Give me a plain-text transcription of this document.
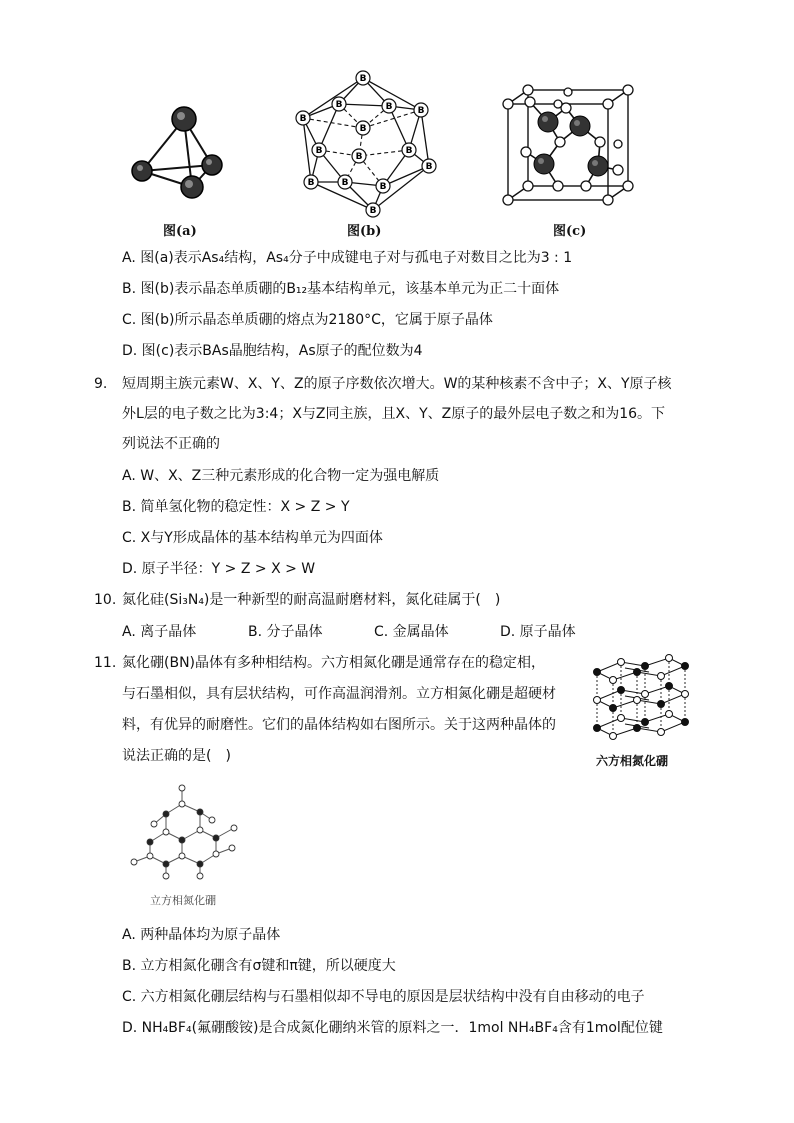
图(a)
B
B	B
B
B
B
B	B
B
B
B
B	B
B
图(b)	图(c)
A. 图(a)表示As₄结构，As₄分子中成键电子对与孤电子对数目之比为3 : 1
B. 图(b)表示晶态单质硼的B₁₂基本结构单元，该基本单元为正二十面体
C. 图(b)所示晶态单质硼的熔点为2180°C，它属于原子晶体
D. 图(c)表示BAs晶胞结构，As原子的配位数为4
9. 短周期主族元素W、X、Y、Z的原子序数依次增大。W的某种核素不含中子；X、Y原子核
外L层的电子数之比为3:4；X与Z同主族，且X、Y、Z原子的最外层电子数之和为16。下
列说法不正确的
A. W、X、Z三种元素形成的化合物一定为强电解质
B. 简单氢化物的稳定性：X > Z > Y
C. X与Y形成晶体的基本结构单元为四面体
D. 原子半径：Y > Z > X > W
10. 氮化硅(Si₃N₄)是一种新型的耐高温耐磨材料，氮化硅属于(　)
A. 离子晶体	B. 分子晶体	C. 金属晶体	D. 原子晶体
11. 氮化硼(BN)晶体有多种相结构。六方相氮化硼是通常存在的稳定相，
与石墨相似，具有层状结构，可作高温润滑剂。立方相氮化硼是超硬材
料，有优异的耐磨性。它们的晶体结构如右图所示。关于这两种晶体的
说法正确的是(　)	六方相氮化硼
立方相氮化硼
A. 两种晶体均为原子晶体
B. 立方相氮化硼含有σ键和π键，所以硬度大
C. 六方相氮化硼层结构与石墨相似却不导电的原因是层状结构中没有自由移动的电子
D. NH₄BF₄(氟硼酸铵)是合成氮化硼纳米管的原料之一．1mol NH₄BF₄含有1mol配位键
